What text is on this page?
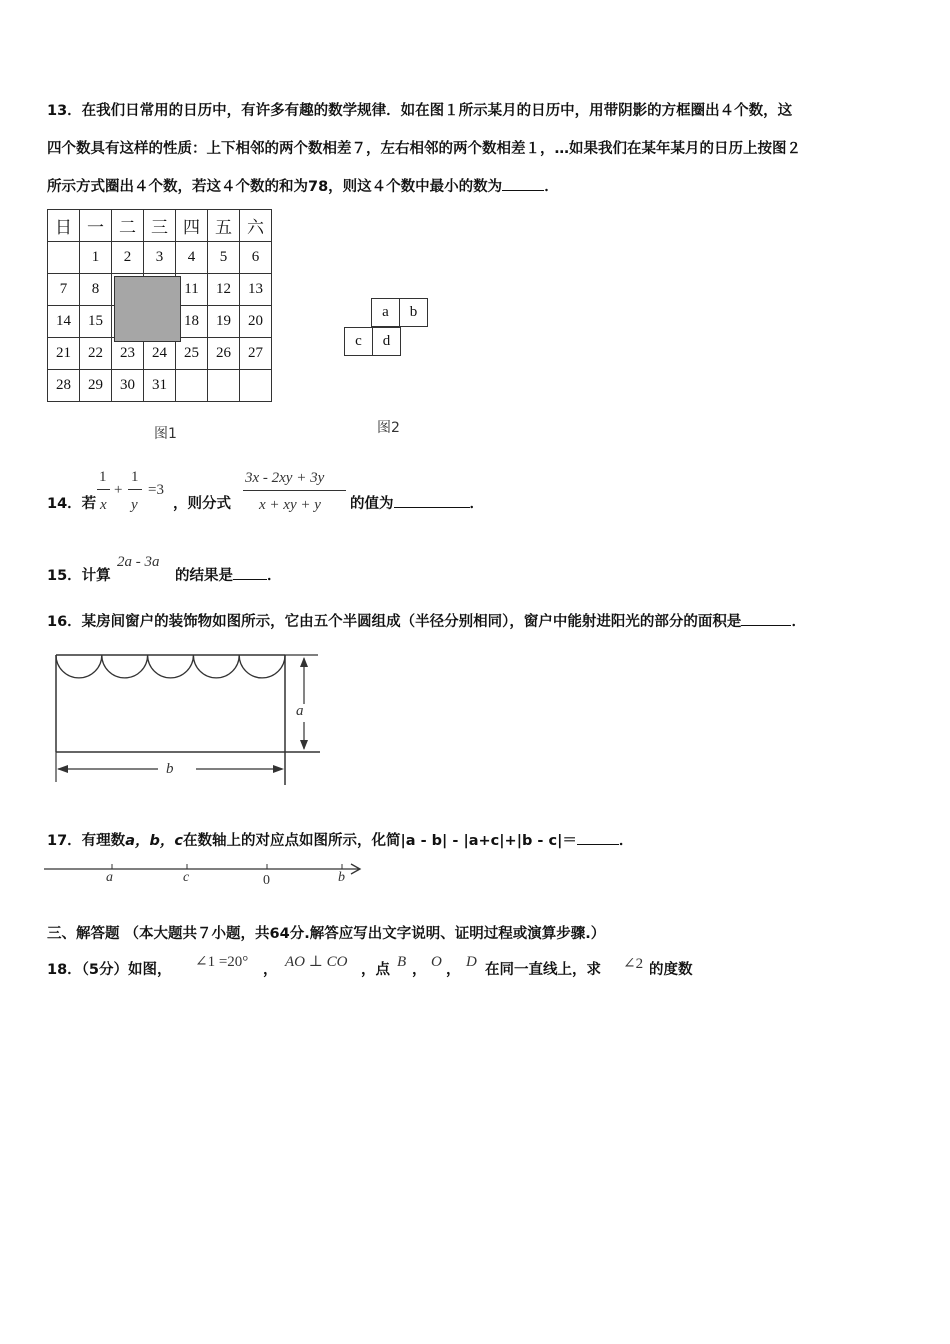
13．在我们日常用的日历中，有许多有趣的数学规律．如在图１所示某月的日历中，用带阴影的方框圈出４个数，这
四个数具有这样的性质：上下相邻的两个数相差７，左右相邻的两个数相差１，…如果我们在某年某月的日历上按图２
所示方式圈出４个数，若这４个数的和为78，则这４个数中最小的数为	．
日	一	二	三	四	五	六
	1	2	3	4	5	6
7	8			11	12	13
14	15			18	19	20
21	22	23	24	25	26	27
28	29	30	31			
图1
a	b
c	d
图2
14．若
1
x
+
1
y
=3
，则分式
3x - 2xy + 3y
x + xy + y 的值为	．
15．计算
2a - 3a
的结果是 ．
16．某房间窗户的装饰物如图所示，它由五个半圆组成（半径分别相同），窗户中能射进阳光的部分的面积是	．
a
b
17．有理数a，b，c在数轴上的对应点如图所示，化简|a - b| - |a+c|+|b - c|＝	．
a	c	0	b
三、解答题 （本大题共７小题，共64分.解答应写出文字说明、证明过程或演算步骤.）
18．（5分）如图， ∠1 =20° ， AO ⊥ CO ，点 B ， O ， D 在同一直线上，求 ∠2 的度数
